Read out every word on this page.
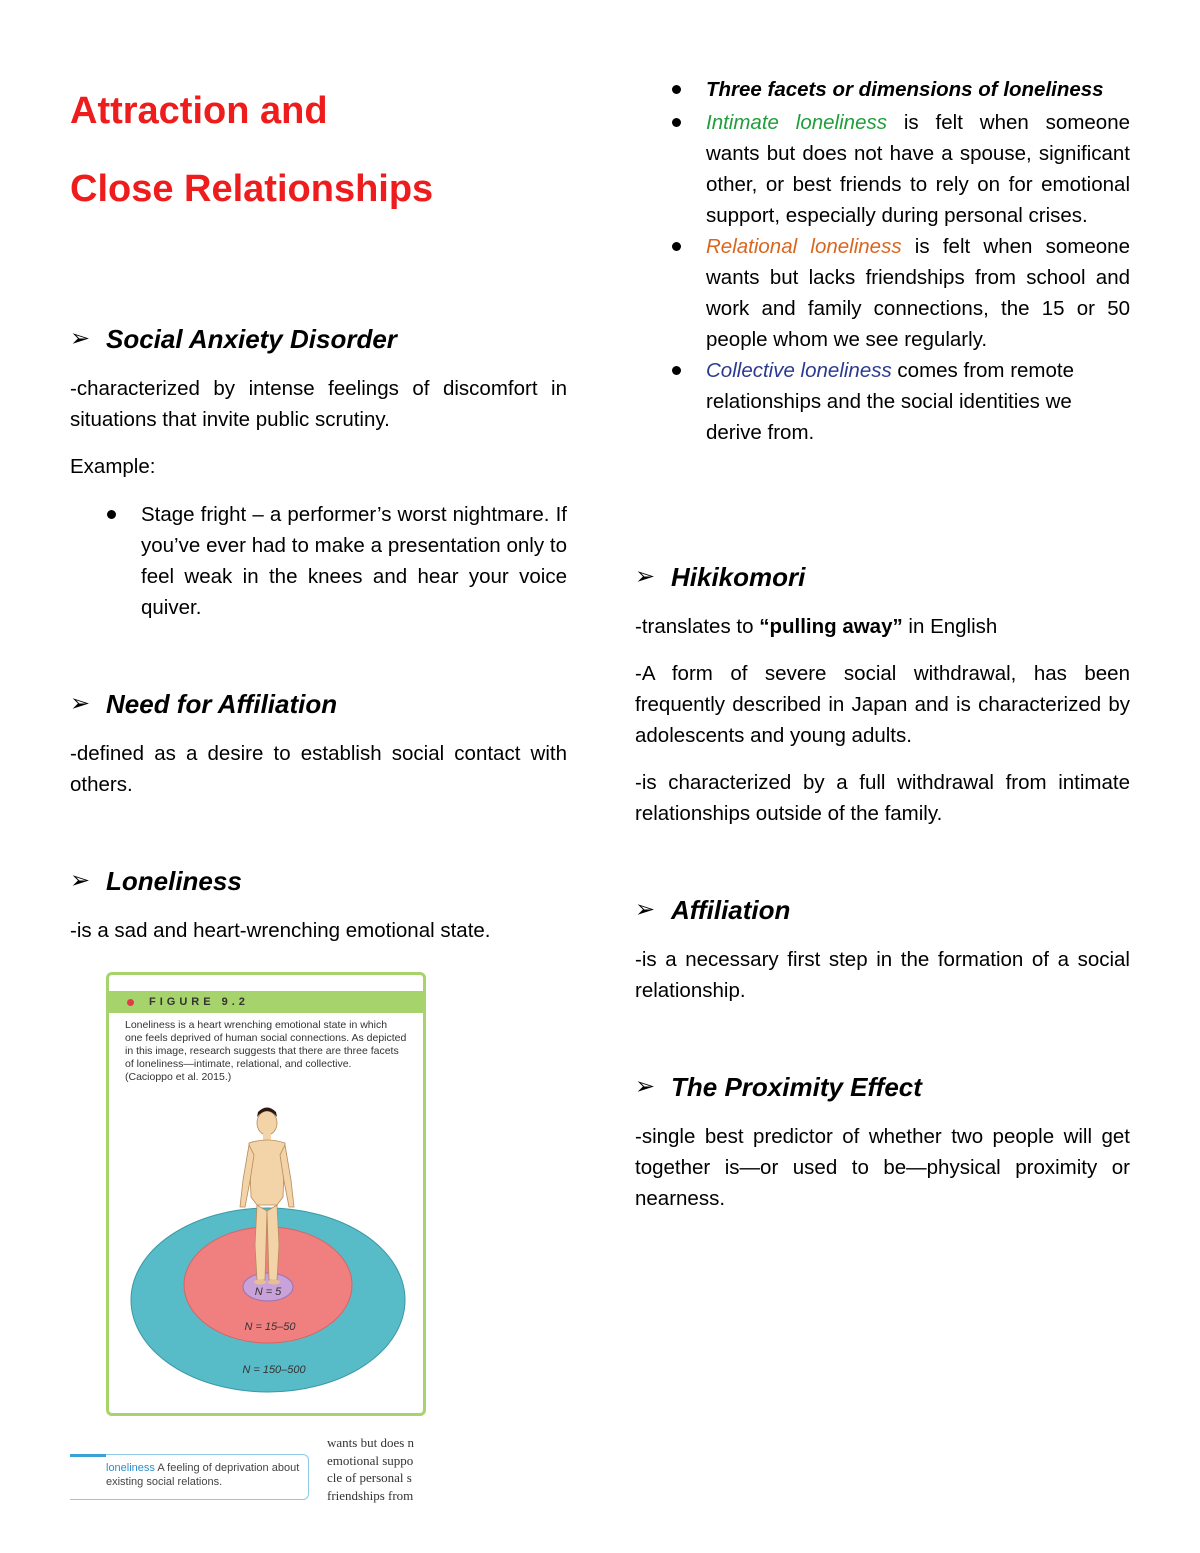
Attraction and
Close Relationships
➢ Social Anxiety Disorder

-characterized by intense feelings of discomfort in situations that invite public scrutiny.

Example:

Stage fright – a performer’s worst nightmare. If you’ve ever had to make a presentation only to feel weak in the knees and hear your voice quiver.
➢ Need for Affiliation

-defined as a desire to establish social contact with others.

➢ Loneliness

-is a sad and heart-wrenching emotional state.

FIGURE 9.2
Loneliness is a heart wrenching emotional state in which one feels deprived of human social connections. As depicted in this image, research suggests that there are three facets of loneliness—intimate, relational, and collective.
(Cacioppo et al. 2015.)
N = 5
N = 15–50
N = 150–500
loneliness A feeling of deprivation about existing social relations.
wants but does n
emotional suppo
cle of personal s
friendships from
Three facets or dimensions of loneliness
Intimate loneliness is felt when someone wants but does not have a spouse, significant other, or best friends to rely on for emotional support, especially during personal crises.
Relational loneliness is felt when someone wants but lacks friendships from school and work and family connections, the 15 or 50 people whom we see regularly.
Collective loneliness comes from remote relationships and the social identities we derive from.
➢ Hikikomori

-translates to “pulling away” in English

-A form of severe social withdrawal, has been frequently described in Japan and is characterized by adolescents and young adults.

-is characterized by a full withdrawal from intimate relationships outside of the family.

➢ Affiliation

-is a necessary first step in the formation of a social relationship.

➢ The Proximity Effect

-single best predictor of whether two people will get together is—or used to be—physical proximity or nearness.
